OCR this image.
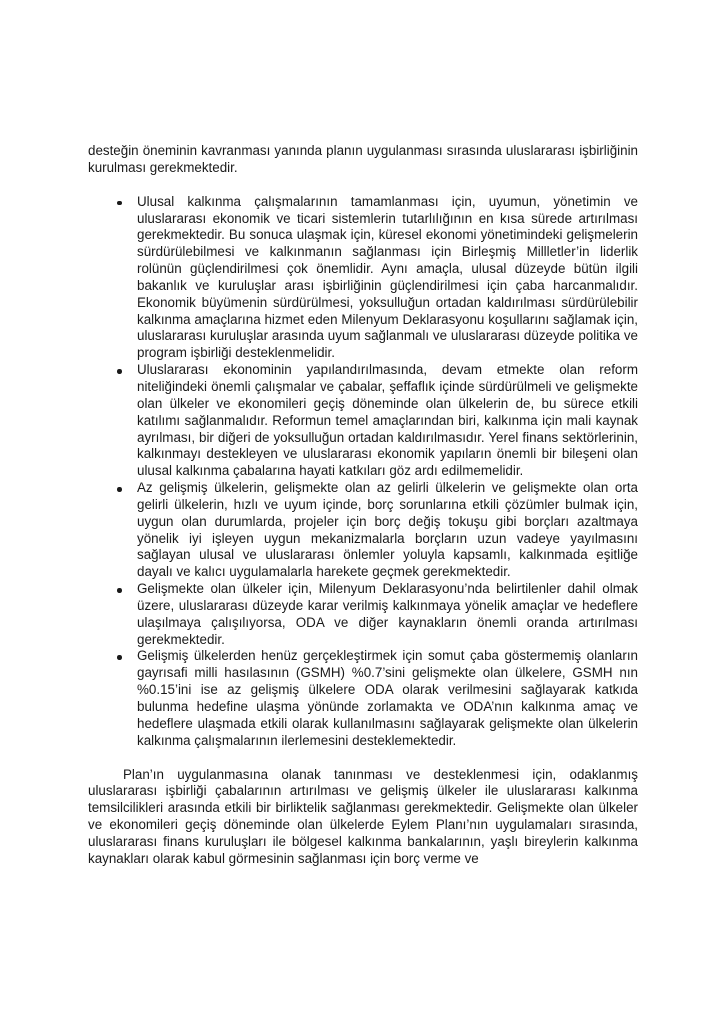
desteğin öneminin kavranması yanında planın uygulanması sırasında uluslararası işbirliğinin kurulması gerekmektedir.

Ulusal kalkınma çalışmalarının tamamlanması için, uyumun, yönetimin ve uluslararası ekonomik ve ticari sistemlerin tutarlılığının en kısa sürede artırılması gerekmektedir. Bu sonuca ulaşmak için, küresel ekonomi yönetimindeki gelişmelerin sürdürülebilmesi ve kalkınmanın sağlanması için Birleşmiş Millletler’in liderlik rolünün güçlendirilmesi çok önemlidir. Aynı amaçla, ulusal düzeyde bütün ilgili bakanlık ve kuruluşlar arası işbirliğinin güçlendirilmesi için çaba harcanmalıdır. Ekonomik büyümenin sürdürülmesi, yoksulluğun ortadan kaldırılması sürdürülebilir kalkınma amaçlarına hizmet eden Milenyum Deklarasyonu koşullarını sağlamak için, uluslararası kuruluşlar arasında uyum sağlanmalı ve uluslararası düzeyde politika ve program işbirliği desteklenmelidir.
Uluslararası ekonominin yapılandırılmasında, devam etmekte olan reform niteliğindeki önemli çalışmalar ve çabalar, şeffaflık içinde sürdürülmeli ve gelişmekte olan ülkeler ve ekonomileri geçiş döneminde olan ülkelerin de, bu sürece etkili katılımı sağlanmalıdır. Reformun temel amaçlarından biri, kalkınma için mali kaynak ayrılması, bir diğeri de yoksulluğun ortadan kaldırılmasıdır. Yerel finans sektörlerinin, kalkınmayı destekleyen ve uluslararası ekonomik yapıların önemli bir bileşeni olan ulusal kalkınma çabalarına hayati katkıları göz ardı edilmemelidir.
Az gelişmiş ülkelerin, gelişmekte olan az gelirli ülkelerin ve gelişmekte olan orta gelirli ülkelerin, hızlı ve uyum içinde, borç sorunlarına etkili çözümler bulmak için, uygun olan durumlarda, projeler için borç değiş tokuşu gibi borçları azaltmaya yönelik iyi işleyen uygun mekanizmalarla borçların uzun vadeye yayılmasını sağlayan ulusal ve uluslararası önlemler yoluyla kapsamlı, kalkınmada eşitliğe dayalı ve kalıcı uygulamalarla harekete geçmek gerekmektedir.
Gelişmekte olan ülkeler için, Milenyum Deklarasyonu’nda belirtilenler dahil olmak üzere, uluslararası düzeyde karar verilmiş kalkınmaya yönelik amaçlar ve hedeflere ulaşılmaya çalışılıyorsa, ODA ve diğer kaynakların önemli oranda artırılması gerekmektedir.
Gelişmiş ülkelerden henüz gerçekleştirmek için somut çaba göstermemiş olanların gayrısafi milli hasılasının (GSMH) %0.7’sini gelişmekte olan ülkelere, GSMH nın %0.15’ini ise az gelişmiş ülkelere ODA olarak verilmesini sağlayarak katkıda bulunma hedefine ulaşma yönünde zorlamakta ve ODA’nın kalkınma amaç ve hedeflere ulaşmada etkili olarak kullanılmasını sağlayarak gelişmekte olan ülkelerin kalkınma çalışmalarının ilerlemesini desteklemektedir.

Plan’ın uygulanmasına olanak tanınması ve desteklenmesi için, odaklanmış uluslararası işbirliği çabalarının artırılması ve gelişmiş ülkeler ile uluslararası kalkınma temsilcilikleri arasında etkili bir birliktelik sağlanması gerekmektedir. Gelişmekte olan ülkeler ve ekonomileri geçiş döneminde olan ülkelerde Eylem Planı’nın uygulamaları sırasında, uluslararası finans kuruluşları ile bölgesel kalkınma bankalarının, yaşlı bireylerin kalkınma kaynakları olarak kabul görmesinin sağlanması için borç verme ve
